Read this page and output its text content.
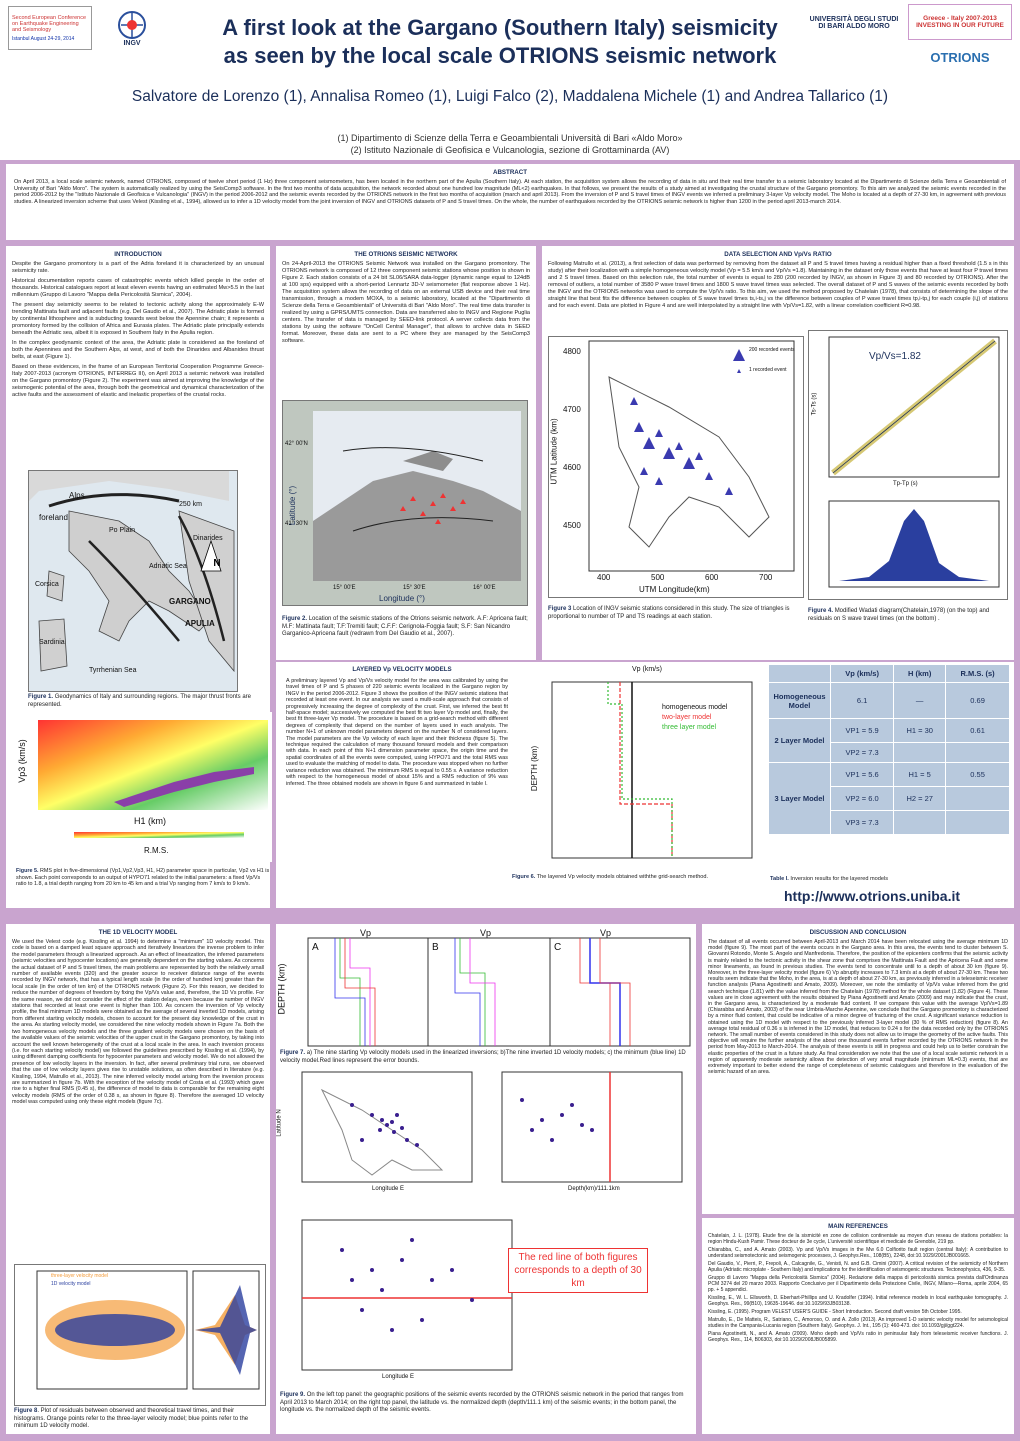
Second European Conference on Earthquake Engineering and Seismology
Istanbul August 24-29, 2014
INGV
A first look at the Gargano (Southern Italy) seismicity
as seen by the local scale OTRIONS seismic network
UNIVERSITÀ DEGLI STUDI DI BARI ALDO MORO
Greece - Italy 2007-2013 INVESTING IN OUR FUTURE
OTRIONS
Salvatore de Lorenzo (1), Annalisa Romeo (1), Luigi Falco (2), Maddalena Michele (1) and Andrea Tallarico (1)
(1) Dipartimento di Scienze della Terra e Geoambientali Università di Bari «Aldo Moro»
(2) Istituto Nazionale di Geofisica e Vulcanologia, sezione di Grottaminarda (AV)
ABSTRACT
On April 2013, a local scale seismic network, named OTRIONS, composed of twelve short period (1 Hz) three component seismometers, has been located in the northern part of the Apulia (Southern Italy). At each station, the acquisition system allows the recording of data in situ and their real time transfer to a seismic laboratory located at the Dipartimento di Scienze della Terra e Geoambientali of University of Bari "Aldo Moro". The system is automatically realized by using the SeisComp3 software. In the first two months of data acquisition, the network recorded about one hundred low magnitude (ML<2) earthquakes. In that follows, we present the results of a study aimed at investigating the crustal structure of the Gargano promontory. To this aim we analyzed the seismic events recorded in the period 2006-2012 by the "Istituto Nazionale di Geofisica e Vulcanologia" (INGV) in the period 2006-2012 and the seismic events recorded by the OTRIONS network in the first two months of acquisition (march and april 2013). From the inversion of P and S travel times of INGV events we inferred a preliminary 3-layer Vp velocity model. The Moho is located at a depth of 27-30 km, in agreement with previous studies. A linearized inversion scheme that uses Velest (Kissling et al., 1994), allowed us to infer a 1D velocity model from the joint inversion of INGV and OTRIONS datasets of P and S travel times. On the whole, the number of earthquakes recorded by the OTRIONS seismic network is higher than 1200 in the period april 2013-march 2014.
INTRODUCTION

Despite the Gargano promontory is a part of the Adria foreland it is characterized by an unusual seismicity rate.

Historical documentation reports cases of catastrophic events which killed people in the order of thousands. Historical catalogues report at least eleven events having an estimated Mw>5.5 in the last millennium (Gruppo di Lavoro "Mappa della Pericolosità Sismica", 2004).

The present day seismicity seems to be related to tectonic activity along the approximately E-W trending Mattinata fault and adjacent faults (e.g. Del Gaudio et al., 2007). The Adriatic plate is formed by continental lithosphere and is subducting towards west below the Apennine chain; it represents a promontory formed by the collision of Africa and Eurasia plates. The Adriatic plate principally extends beneath the Adriatic sea, albeit it is exposed in Southern Italy in the Apulia region.

In the complex geodynamic context of the area, the Adriatic plate is considered as the foreland of both the Apennines and the Southern Alps, at west, and of both the Dinarides and Albanides thrust belts, at east (Figure 1).

Based on these evidences, in the frame of an European Territorial Cooperation Programme Greece-Italy 2007-2013 (acronym OTRIONS, INTERREG III), on April 2013 a seismic network was installed on the Gargano promontory (Figure 2). The experiment was aimed at improving the knowledge of the seismogenic potential of the area, through both the geometrical and dynamical characterization of the active faults and the assessment of elastic and inelastic properties of the crustal rocks.

N
Alps
foreland
Po Plain
Adriatic Sea
Dinarides
Corsica
Sardinia
GARGANO
APULIA
Tyrrhenian Sea
250 km
Figure 1. Geodynamics of Italy and surrounding regions. The major thrust fronts are represented.
THE OTRIONS SEISMIC NETWORK

On 24-April-2013 the OTRIONS Seismic Network was installed on the Gargano promontory. The OTRIONS network is composed of 12 three component seismic stations whose position is shown in Figure 2. Each station consists of a 24 bit SL06/SARA data-logger (dynamic range equal to 124dB at 100 sps) equipped with a short-period Lennartz 3D-V seismometer (flat response above 1 Hz). The acquisition system allows the recording of data on an external USB device and their real time transmission, through a modem MOXA, to a seismic laboratory, located at the "Dipartimento di Scienze della Terra e Geoambientali" of Università di Bari "Aldo Moro". The real time data transfer is realized by using a GPRS/UMTS connection. Data are transferred also to INGV and Regione Puglia centers. The transfer of data is managed by SEED-link protocol. A server collects data from the stations by using the software "OnCell Central Manager", that allows to archive data in SEED format. Moreover, these data are sent to a PC where they are managed by the SeisComp3 software.

42° 00'N
41° 30'N
15° 00'E	15° 30'E	16° 00'E
Longitude (°)
Latitude (°)
Figure 2. Location of the seismic stations of the Otrions seismic network. A.F: Apricena fault; M.F: Mattinata fault; T.F:Tremiti fault; C.F.F: Cerignola-Foggia fault; S.F: San Nicandro Garganico-Apricena fault (redrawn from Del Gaudio et al., 2007).
DATA SELECTION AND Vp/Vs RATIO

Following Matrullo et al. (2013), a first selection of data was performed by removing from the dataset all P and S travel times having a residual higher than a fixed threshold (1.5 s in this study) after their localization with a simple homogeneous velocity model (Vp = 5.5 km/s and Vp/Vs =1.8). Maintaining in the dataset only those events that have at least four P travel times and 2 S travel times. Based on this selection rule, the total number of events is equal to 280 (200 recorded by INGV, as shown in Figure 3) and 80 recorded by OTRIONS). After the removal of outliers, a total number of 3580 P wave travel times and 1800 S wave travel times was selected. The overall dataset of P and S waves of the seismic events recorded by both the INGV and the OTRIONS networks was used to compute the Vp/Vs ratio. To this aim, we used the method proposed by Chatelain (1978), that consists of determining the slope of the straight line that best fits the difference between couples of S wave travel times ts,i-ts,j vs the difference between couples of P wave travel times tp,i-tp,j for each couple (i,j) of stations and for each event. Data are plotted in Figure 4 and are well interpolated by a straight line with Vp/Vs=1.82, with a linear correlation coefficient R=0.98.

200 recorded events
1 recorded event
4800
4700
4600
4500
400	500	600	700
UTM Longitude(km)
UTM Latitude (km)
Vp/Vs=1.82
Tp-Tp (s)
Ts-Ts (s)
Figure 3 Location of INGV seismic stations considered in this study. The size of triangles is proportional to number of TP and TS readings at each station.
Figure 4. Modified Wadati diagram(Chatelain,1978) (on the top) and residuals on S wave travel times (on the bottom) .
LAYERED Vp VELOCITY MODELS
A preliminary layered Vp and Vp/Vs velocity model for the area was calibrated by using the travel times of P and S phases of 220 seismic events localized in the Gargano region by INGV in the period 2006-2012. Figure 3 shows the position of the INGV seismic stations that recorded at least one event. In our analysis we used a multi-scale approach that consists of progressively increasing the degree of complexity of the crust. First, we inferred the best fit half-space model; successively we computed the best fit two layer Vp model and, finally, the best fit three-layer Vp model. The procedure is based on a grid-search method with different degrees of complexity that depend on the number of layers used in each analysis. The number N+1 of unknown model parameters depend on the number N of considered layers. The model parameters are the Vp velocity of each layer and their thickness (figure 5). The technique required the calculation of many thousand forward models and their comparison with data. In each point of this N+1 dimension parameter space, the origin time and the spatial coordinates of all the events were computed, using HYPO71 and the total RMS was used to evaluate the matching of model to data. The procedure was stopped when no further variance reduction was obtained. The minimum RMS is equal to 0.55 s. A variance reduction with respect to the homogeneous model of about 15% and a RMS reduction of 9% was inferred. The three obtained models are shown in figure 6 and summarized in table I.
Vp3 (km/s)
H1 (km)
R.M.S.
Figure 5. RMS plot in five-dimensional (Vp1,Vp2,Vp3, H1, H2) parameter space in particular, Vp2 vs H1 is shown. Each point corresponds to an output of HYPO71 related to the initial parameters: a fixed Vp/Vs ratio to 1.8, a trial depth ranging from 20 km to 45 km and a trial Vp ranging from 7 km/s to 9 km/s.
Vp (km/s)
DEPTH (km)
homogeneous model
two-layer model
three layer model
Figure 6. The layered Vp velocity models obtained withthe grid-search method.
	Vp (km/s)	H (km)	R.M.S. (s)
Homogeneous Model	6.1	—	0.69
2 Layer Model	VP1 = 5.9	H1 = 30	0.61
	VP2 = 7.3		
3 Layer Model	VP1 = 5.6	H1 = 5	0.55
	VP2 = 6.0	H2 = 27	
	VP3 = 7.3		
Table I. Inversion results for the layered models
http://www.otrions.uniba.it
THE 1D VELOCITY MODEL

We used the Velest code (e.g. Kissling et al. 1994) to determine a "minimum" 1D velocity model. This code is based on a damped least square approach and iteratively linearizes the inverse problem to infer the model parameters through a linearized approach. As an effect of linearization, the inferred parameters (seismic velocities and hypocenter locations) are generally dependent on the starting values. As concerns the actual dataset of P and S travel times, the main problems are represented by both the relatively small number of available events (320) and the greater source to receiver distance range of the events recorded by INGV network, that has a typical length scale (in the order of hundred km) greater than the local scale (in the order of ten km) of the OTRIONS network (Figure 2). For this reason, we decided to reduce the number of degrees of freedom by fixing the Vp/Vs value and, therefore, the 1D Vs profile. For the same reason, we did not consider the effect of the station delays, even because the number of INGV stations that recorded at least one event is higher than 100. As concern the inversion of Vp velocity profile, the final minimum 1D models were obtained as the average of several inverted 1D models, arising from different starting velocity models, chosen to account for the present day knowledge of the crust in the area. As starting velocity model, we considered the nine velocity models shown in Figure 7a. Both the two homogeneous velocity models and the three gradient velocity models were chosen on the basis of the available values of the seismic velocities of the upper crust in the Gargano promontory, by taking into account the well known heterogeneity of the crust at a local scale in the area. In each inversion process (i.e. for each starting velocity model) we followed the guidelines prescribed by Kissling et al. (1994), by using different damping coefficients for hypocenter parameters and velocity model. We do not allowed the presence of low velocity layers in the inversion. In fact, after several preliminary trial runs, we observed that the use of low velocity layers gives rise to unstable solutions, as often described in literature (e.g. Kissling, 1994, Matrullo et al., 2013). The nine inferred velocity model arising from the inversion process are summarized in figure 7b. With the exception of the velocity model of Costa et al. (1993) which gave rise to a higher final RMS (0.45 s), the difference of model to data is comparable for the remaining eight velocity models (RMS of the order of 0.38 s, as shown in figure 8). Therefore the averaged 1D velocity model was computed using only these eight models (figure 7c).

three-layer velocity model
1D velocity model
Figure 8. Plot of residuals between observed and theoretical travel times, and their histograms. Orange points refer to the three-layer velocity model; blue points refer to the minimum 1D velocity model.
A	B	C
Vp	Vp	Vp
DEPTH (km)
Figure 7. a) The nine starting Vp velocity models used in the linearized inversions; b)The nine inverted 1D velocity models; c) the minimum (blue line) 1D velocity model.Red lines represent the error bounds.
Longitude E
Latitude N
Depth(km)/111.1km
Longitude E
The red line of both figures corresponds to a depth of 30 km
Figure 9. On the left top panel: the geographic positions of the seismic events recorded by the OTRIONS seismic network in the period that ranges from April 2013 to March 2014; on the right top panel, the latitude vs. the normalized depth (depth/111.1 km) of the seismic events; in the bottom panel, the longitude vs. the normalized depth of the seismic events.
DISCUSSION AND CONCLUSION

The dataset of all events occurred between April-2013 and March 2014 have been relocated using the average minimum 1D model (figure 9). The most part of the events occurs in the Gargano area. In this area, the events tend to cluster between S. Giovanni Rotondo, Monte S. Angelo and Manfredonia. Therefore, the position of the epicenters confirms that the seismic activity is mainly related to the tectonic activity in the shear zone that comprises the Mattinata Fault and the Apricena Fault and some minor lineaments, as found in previous studies. The events tend to concentrate until to a depth of about 30 km (figure 9). Moreover, in the three-layer velocity model (figure 6) Vp abruptly increases to 7.3 km/s at a depth of about 27-30 km. These two results seem indicate that the Moho, in the area, is at a depth of about 27-30 km, as previously inferred in a teleseismic receiver function analysis (Piana Agostinetti and Amato, 2009). Moreover, we note the similarity of Vp/Vs value inferred from the grid search technique (1.81) with the value inferred from the Chatelain (1978) method for the whole dataset (1.82) (Figure 4). These values are in close agreement with the results obtained by Piana Agostinetti and Amato (2009) and may indicate that the crust, in the Gargano area, is characterized by a moderate fluid content. If we compare this value with the average Vp/Vs=1.89 (Chiarabba and Amato, 2003) of the near Umbria-Marche Apennine, we conclude that the Gargano promontory is characterized by a minor fluid content, that could be indicative of a minor degree of fracturing of the crust. A significant variance reduction is obtained using the 1D model with respect to the previously inferred 3-layer model (30 % of RMS reduction) (figure 8). An average total residual of 0.36 s is inferred in the 1D model, that reduces to 0.24 s for the data recorded only by the OTRIONS network. The small number of events considered in this study does not allow us to image the geometry of the active faults. This objective will require the further analysis of the about one thousand events further recorded by the OTRIONS network in the period from May-2013 to March-2014. The analysis of these events is still in progress and could help us to better constrain the elastic properties of the crust in a future study. As final consideration we note that the use of a local scale seismic network in a region of apparently moderate seismicity allows the detection of very small magnitude (minimum ML=0.3) events, that are extremely important to better extend the range of completeness of seismic catalogues and therefore in the evaluation of the seismic hazard of an area.

MAIN REFERENCES

Chatelain, J. L. (1978). Etude fine de la sismicité en zone de collision continentale au moyen d'un reseau de stations portables: la region Hindu-Kush Pamir. These docteur de 3e cycle, L'université scientifique et medicale de Grenoble, 219 pp.

Chiarabba, C., and A. Amato (2003). Vp and Vp/Vs images in the Mw 6.0 Colfiorito fault region (central Italy): A contribution to understand seismotectonic and seismogenic processes, J. Geophys.Res., 108(B5), 2248, doi:10.1029/2001JB001665.

Del Gaudio, V., Pierri, P., Frepoli, A., Calcagnile, G., Venisti, N. and G.B. Cimini (2007). A critical revision of the seismicity of Northern Apulia (Adriatic microplate - Southern Italy) and implications for the identification of seismogenic structures. Tectonophysics, 436, 9-35.

Gruppo di Lavoro "Mappa della Pericolosità Sismica" (2004). Redazione della mappa di pericolosità sismica prevista dall'Ordinanza PCM 3274 del 20 marzo 2003. Rapporto Conclusivo per il Dipartimento della Protezione Civile, INGV, Milano—Roma, aprile 2004, 65 pp. + 5 appendici.

Kissling, E., W. L. Ellsworth, D. Eberhart-Phillips and U. Kradolfer (1994). Initial reference models in local earthquake tomography. J. Geophys. Res., 99(B10), 19635-19646. doi:10.1029/93JB03138.

Kissling, E. (1995). Program VELEST USER'S GUIDE - Short Introduction. Second draft version 5th October 1995.

Matrullo, E., De Matteis, R., Satriano, C., Amoroso, O. and A. Zollo (2013). An improved 1-D seismic velocity model for seismological studies in the Campania-Lucania region (Southern Italy). Geophys. J. Int., 195 (1): 460-473. doi: 10.1093/gji/ggt224.

Piana Agostinetti, N., and A. Amato (2009). Moho depth and Vp/Vs ratio in peninsular Italy from teleseismic receiver functions. J. Geophys. Res., 114, B06303, doi:10.1029/2008JB005899.
